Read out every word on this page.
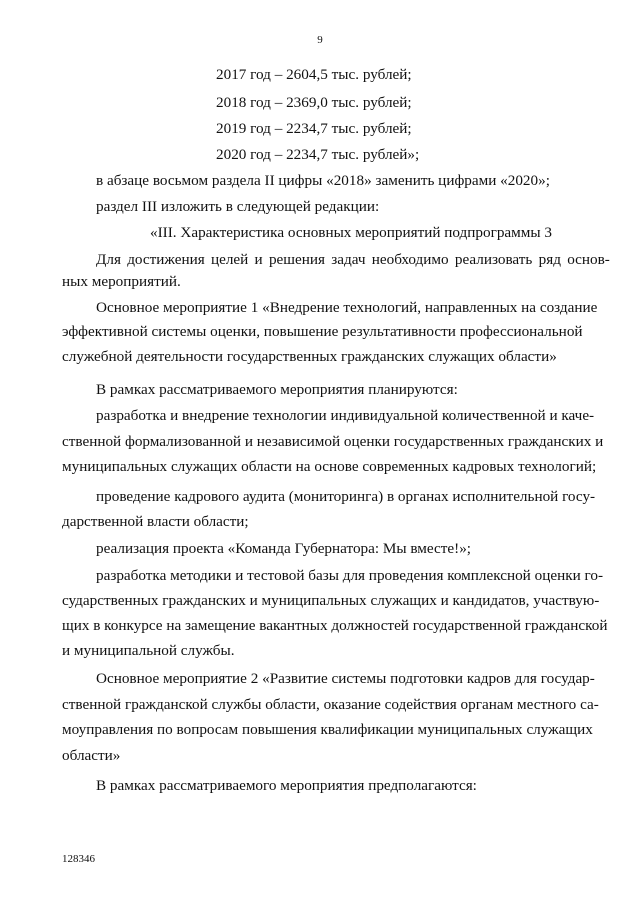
9
2017 год – 2604,5 тыс. рублей;
2018 год – 2369,0 тыс. рублей;
2019 год – 2234,7 тыс. рублей;
2020 год – 2234,7 тыс. рублей»;
в абзаце восьмом раздела II цифры «2018» заменить цифрами «2020»;
раздел III изложить в следующей редакции:
«III. Характеристика основных мероприятий подпрограммы 3
Для достижения целей и решения задач необходимо реализовать ряд основ-
ных мероприятий.
Основное мероприятие 1 «Внедрение технологий, направленных на создание
эффективной системы оценки, повышение результативности профессиональной
служебной деятельности государственных гражданских служащих области»
В рамках рассматриваемого мероприятия планируются:
разработка и внедрение технологии индивидуальной количественной и каче-
ственной формализованной и независимой оценки государственных гражданских и
муниципальных служащих области на основе современных кадровых технологий;
проведение кадрового аудита (мониторинга) в органах исполнительной госу-
дарственной власти области;
реализация проекта «Команда Губернатора: Мы вместе!»;
разработка методики и тестовой базы для проведения комплексной оценки го-
сударственных гражданских и муниципальных служащих и кандидатов, участвую-
щих в конкурсе на замещение вакантных должностей государственной гражданской
и муниципальной службы.
Основное мероприятие 2 «Развитие системы подготовки кадров для государ-
ственной гражданской службы области, оказание содействия органам местного са-
моуправления по вопросам повышения квалификации муниципальных служащих
области»
В рамках рассматриваемого мероприятия предполагаются:
128346
